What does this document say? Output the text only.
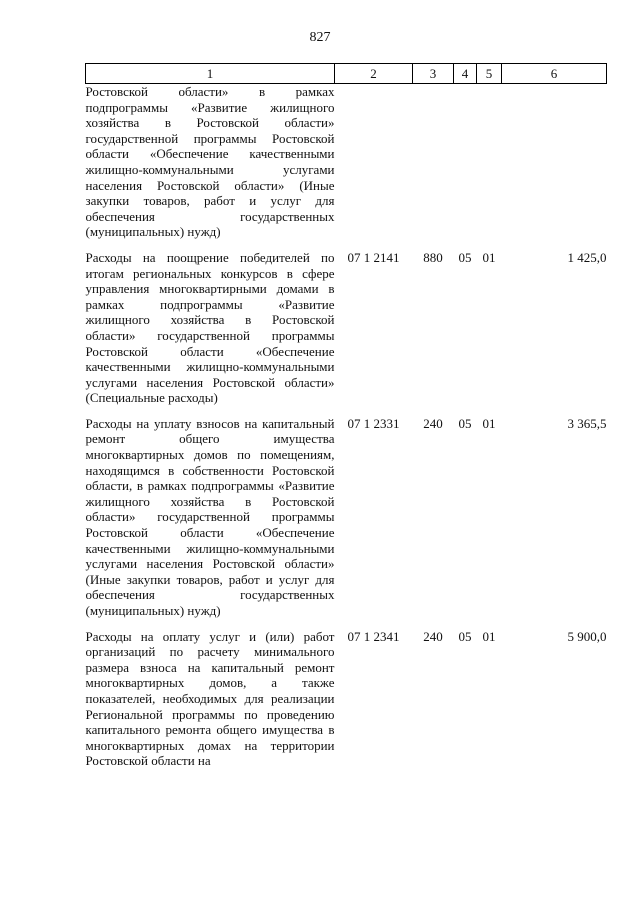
827
1	2	3	4	5	6
Ростовской области» в рамках подпрограммы «Развитие жилищного хозяйства в Ростовской области» государственной программы Ростовской области «Обеспечение качественными жилищно-коммунальными услугами населения Ростовской области» (Иные закупки товаров, работ и услуг для обеспечения государственных (муниципальных) нужд)					

Расходы на поощрение победителей по итогам региональных конкурсов в сфере управления многоквартирными домами в рамках подпрограммы «Развитие жилищного хозяйства в Ростовской области» государственной программы Ростовской области «Обеспечение качественными жилищно-коммунальными услугами населения Ростовской области» (Специальные расходы)	07 1 2141	880	05	01	1 425,0

Расходы на уплату взносов на капитальный ремонт общего имущества многоквартирных домов по помещениям, находящимся в собственности Ростовской области, в рамках подпрограммы «Развитие жилищного хозяйства в Ростовской области» государственной программы Ростовской области «Обеспечение качественными жилищно-коммунальными услугами населения Ростовской области» (Иные закупки товаров, работ и услуг для обеспечения государственных (муниципальных) нужд)	07 1 2331	240	05	01	3 365,5

Расходы на оплату услуг и (или) работ организаций по расчету минимального размера взноса на капитальный ремонт многоквартирных домов, а также показателей, необходимых для реализации Региональной программы по проведению капитального ремонта общего имущества в многоквартирных домах на территории Ростовской области на	07 1 2341	240	05	01	5 900,0
